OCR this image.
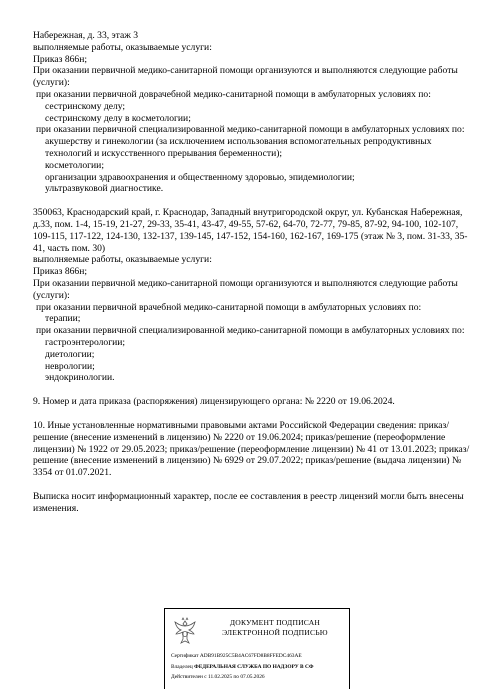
Набережная, д. 33, этаж 3
выполняемые работы, оказываемые услуги:
Приказ 866н;
При оказании первичной медико-санитарной помощи организуются и выполняются следующие работы (услуги):
при оказании первичной доврачебной медико-санитарной помощи в амбулаторных условиях по:
сестринскому делу;
сестринскому делу в косметологии;
при оказании первичной специализированной медико-санитарной помощи в амбулаторных условиях по:
акушерству и гинекологии (за исключением использования вспомогательных репродуктивных технологий и искусственного прерывания беременности);
косметологии;
организации здравоохранения и общественному здоровью, эпидемиологии;
ультразвуковой диагностике.
350063, Краснодарский край, г. Краснодар, Западный внутригородской округ, ул. Кубанская Набережная, д.33, пом. 1-4, 15-19, 21-27, 29-33, 35-41, 43-47, 49-55, 57-62, 64-70, 72-77, 79-85, 87-92, 94-100, 102-107, 109-115, 117-122, 124-130, 132-137, 139-145, 147-152, 154-160, 162-167, 169-175 (этаж № 3, пом. 31-33, 35-41, часть пом. 30)
выполняемые работы, оказываемые услуги:
Приказ 866н;
При оказании первичной медико-санитарной помощи организуются и выполняются следующие работы (услуги):
при оказании первичной врачебной медико-санитарной помощи в амбулаторных условиях по:
терапии;
при оказании первичной специализированной медико-санитарной помощи в амбулаторных условиях по:
гастроэнтерологии;
диетологии;
неврологии;
эндокринологии.
9. Номер и дата приказа (распоряжения) лицензирующего органа: № 2220 от 19.06.2024.
10. Иные установленные нормативными правовыми актами Российской Федерации сведения: приказ/решение (внесение изменений в лицензию) № 2220 от 19.06.2024; приказ/решение (переоформление лицензии) № 1922 от 29.05.2023; приказ/решение (переоформление лицензии) № 41 от 13.01.2023; приказ/решение (внесение изменений в лицензию) № 6929 от 29.07.2022; приказ/решение (выдача лицензии) № 3354 от 01.07.2021.
Выписка носит информационный характер, после ее составления в реестр лицензий могли быть внесены изменения.
ДОКУМЕНТ ПОДПИСАН
ЭЛЕКТРОННОЙ ПОДПИСЬЮ
Сертификат ADB91B925C5B4AC67FD8B8FFEDC463AE
Владелец ФЕДЕРАЛЬНАЯ СЛУЖБА ПО НАДЗОРУ В СФ
Действителен с 11.02.2025 по 07.05.2026
